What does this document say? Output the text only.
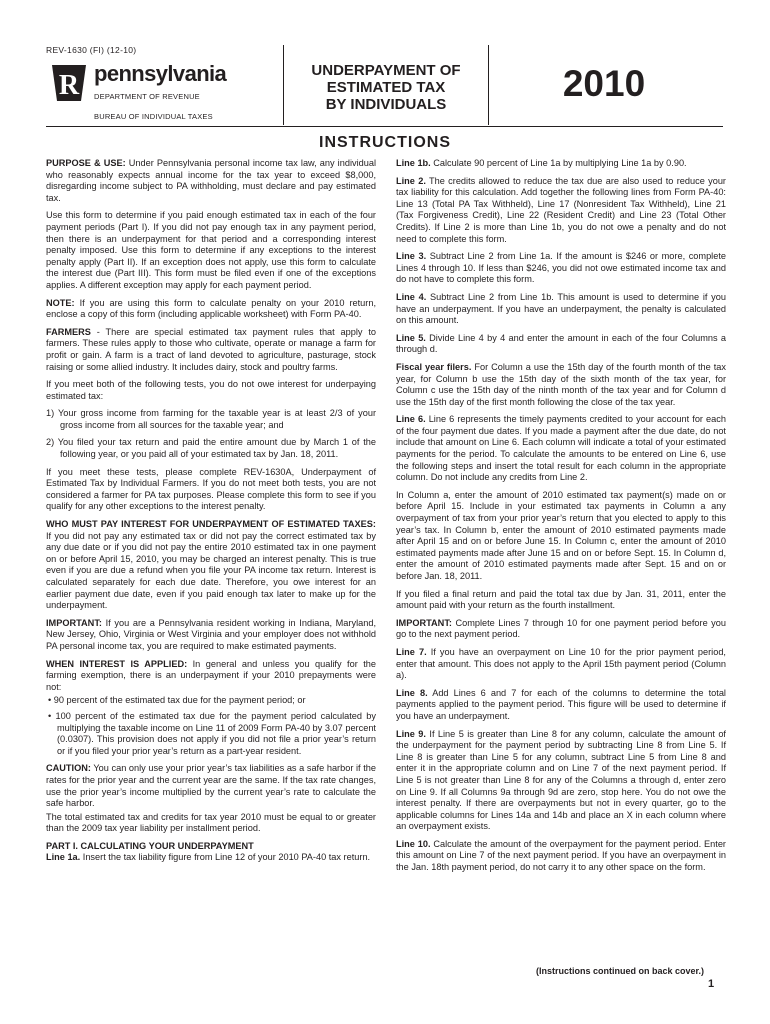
REV-1630 (FI) (12-10)
R pennsylvania
DEPARTMENT OF REVENUE
BUREAU OF INDIVIDUAL TAXES
UNDERPAYMENT OF
ESTIMATED TAX
BY INDIVIDUALS
2010
INSTRUCTIONS

PURPOSE & USE: Under Pennsylvania personal income tax law, any individual who reasonably expects annual income for the tax year to exceed $8,000, disregarding income subject to PA withholding, must declare and pay estimated tax.

Use this form to determine if you paid enough estimated tax in each of the four payment periods (Part I). If you did not pay enough tax in any payment period, then there is an underpayment for that period and a corresponding interest penalty imposed. Use this form to determine if any exceptions to the interest penalty apply (Part II). If an exception does not apply, use this form to calculate the interest due (Part III). This form must be filed even if one of the exceptions applies. A different exception may apply for each payment period.

NOTE: If you are using this form to calculate penalty on your 2010 return, enclose a copy of this form (including applicable worksheet) with Form PA-40.

FARMERS - There are special estimated tax payment rules that apply to farmers. These rules apply to those who cultivate, operate or manage a farm for profit or gain. A farm is a tract of land devoted to agriculture, pasturage, stock raising or some allied industry. It includes dairy, stock and poultry farms.

If you meet both of the following tests, you do not owe interest for underpaying estimated tax:

1) Your gross income from farming for the taxable year is at least 2/3 of your gross income from all sources for the taxable year; and

2) You filed your tax return and paid the entire amount due by March 1 of the following year, or you paid all of your estimated tax by Jan. 18, 2011.

If you meet these tests, please complete REV-1630A, Underpayment of Estimated Tax by Individual Farmers. If you do not meet both tests, you are not considered a farmer for PA tax purposes. Please complete this form to see if you qualify for any other exceptions to the interest penalty.

WHO MUST PAY INTEREST FOR UNDERPAYMENT OF ESTIMATED TAXES: If you did not pay any estimated tax or did not pay the correct estimated tax by any due date or if you did not pay the entire 2010 estimated tax in one payment on or before April 15, 2010, you may be charged an interest penalty. This is true even if you are due a refund when you file your PA income tax return. Interest is calculated separately for each due date. Therefore, you owe interest for an earlier payment due date, even if you paid enough tax later to make up for the underpayment.

IMPORTANT: If you are a Pennsylvania resident working in Indiana, Maryland, New Jersey, Ohio, Virginia or West Virginia and your employer does not withhold PA personal income tax, you are required to make estimated payments.

WHEN INTEREST IS APPLIED: In general and unless you qualify for the farming exemption, there is an underpayment if your 2010 prepayments were not:

• 90 percent of the estimated tax due for the payment period; or
• 100 percent of the estimated tax due for the payment period calculated by multiplying the taxable income on Line 11 of 2009 Form PA-40 by 3.07 percent (0.0307). This provision does not apply if you did not file a prior year’s return or if you filed your prior year’s return as a part-year resident.

CAUTION: You can only use your prior year’s tax liabilities as a safe harbor if the rates for the prior year and the current year are the same. If the tax rate changes, use the prior year’s income multiplied by the current year’s rate to calculate the safe harbor.

The total estimated tax and credits for tax year 2010 must be equal to or greater than the 2009 tax year liability per installment period.

PART I. CALCULATING YOUR UNDERPAYMENT
Line 1a. Insert the tax liability figure from Line 12 of your 2010 PA-40 tax return.

Line 1b. Calculate 90 percent of Line 1a by multiplying Line 1a by 0.90.

Line 2. The credits allowed to reduce the tax due are also used to reduce your tax liability for this calculation. Add together the following lines from Form PA-40: Line 13 (Total PA Tax Withheld), Line 17 (Nonresident Tax Withheld), Line 21 (Tax Forgiveness Credit), Line 22 (Resident Credit) and Line 23 (Total Other Credits). If Line 2 is more than Line 1b, you do not owe a penalty and do not need to complete this form.

Line 3. Subtract Line 2 from Line 1a. If the amount is $246 or more, complete Lines 4 through 10. If less than $246, you did not owe estimated income tax and do not have to complete this form.

Line 4. Subtract Line 2 from Line 1b. This amount is used to determine if you have an underpayment. If you have an underpayment, the penalty is calculated on this amount.

Line 5. Divide Line 4 by 4 and enter the amount in each of the four Columns a through d.

Fiscal year filers. For Column a use the 15th day of the fourth month of the tax year, for Column b use the 15th day of the sixth month of the tax year, for Column c use the 15th day of the ninth month of the tax year and for Column d use the 15th day of the first month following the close of the tax year.

Line 6. Line 6 represents the timely payments credited to your account for each of the four payment due dates. If you made a payment after the due date, do not include that amount on Line 6. Each column will indicate a total of your estimated payments for the period. To calculate the amounts to be entered on Line 6, use the following steps and insert the total result for each column in the appropriate column. Do not include any credits from Line 2.

In Column a, enter the amount of 2010 estimated tax payment(s) made on or before April 15. Include in your estimated tax payments in Column a any overpayment of tax from your prior year’s return that you elected to apply to this year’s tax. In Column b, enter the amount of 2010 estimated payments made after April 15 and on or before June 15. In Column c, enter the amount of 2010 estimated payments made after June 15 and on or before Sept. 15. In Column d, enter the amount of 2010 estimated payments made after Sept. 15 and on or before Jan. 18, 2011.

If you filed a final return and paid the total tax due by Jan. 31, 2011, enter the amount paid with your return as the fourth installment.

IMPORTANT: Complete Lines 7 through 10 for one payment period before you go to the next payment period.

Line 7. If you have an overpayment on Line 10 for the prior payment period, enter that amount. This does not apply to the April 15th payment period (Column a).

Line 8. Add Lines 6 and 7 for each of the columns to determine the total payments applied to the payment period. This figure will be used to determine if you have an underpayment.

Line 9. If Line 5 is greater than Line 8 for any column, calculate the amount of the underpayment for the payment period by subtracting Line 8 from Line 5. If Line 8 is greater than Line 5 for any column, subtract Line 5 from Line 8 and enter it in the appropriate column and on Line 7 of the next payment period. If Line 5 is not greater than Line 8 for any of the Columns a through d, enter zero on Line 9. If all Columns 9a through 9d are zero, stop here. You do not owe the interest penalty. If there are overpayments but not in every quarter, go to the applicable columns for Lines 14a and 14b and place an X in each column where an overpayment exists.

Line 10. Calculate the amount of the overpayment for the payment period. Enter this amount on Line 7 of the next payment period. If you have an overpayment in the Jan. 18th payment period, do not carry it to any other space on the form.

(Instructions continued on back cover.)
1
